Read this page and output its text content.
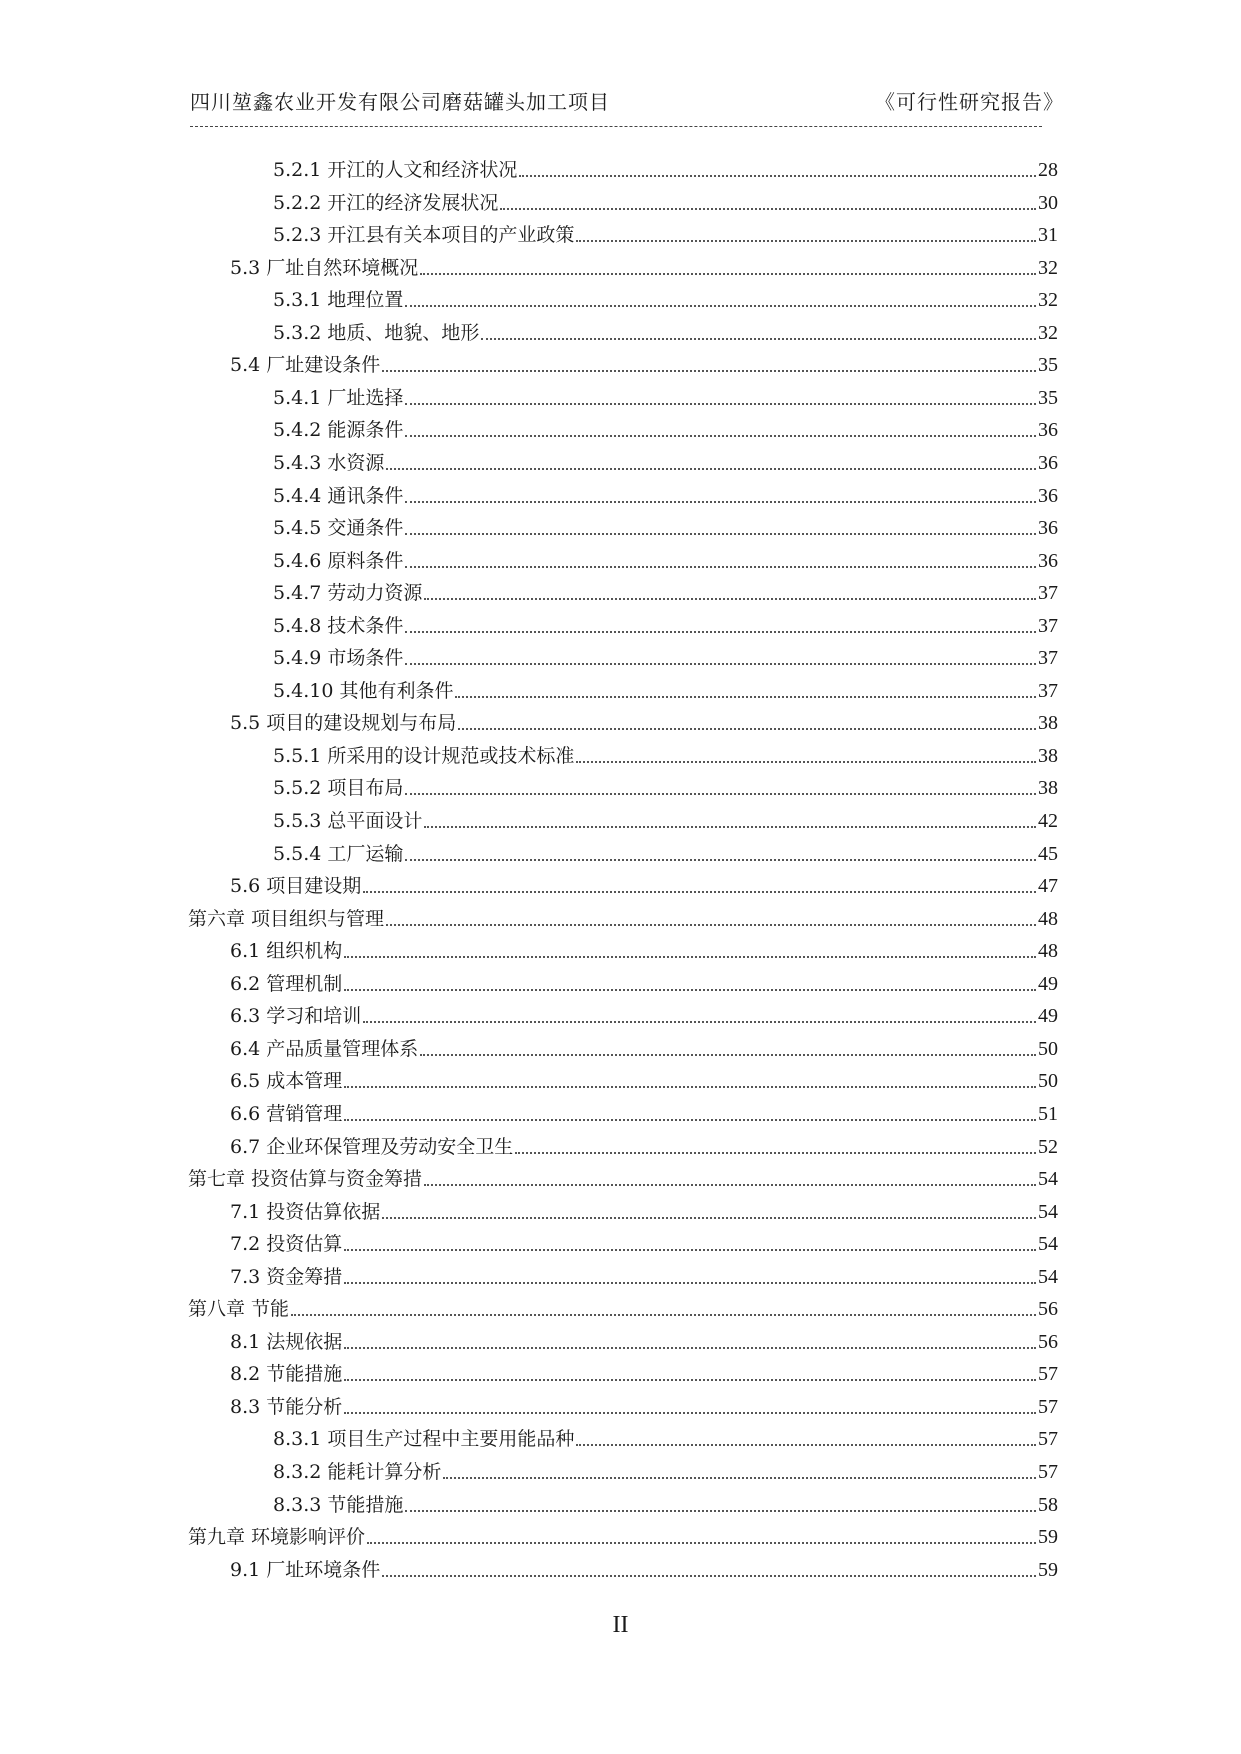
四川堃鑫农业开发有限公司磨菇罐头加工项目	《可行性研究报告》
5.2.1 开江的人文和经济状况	28
5.2.2 开江的经济发展状况	30
5.2.3 开江县有关本项目的产业政策	31
5.3 厂址自然环境概况	32
5.3.1 地理位置	32
5.3.2 地质、地貌、地形	32
5.4 厂址建设条件	35
5.4.1 厂址选择	35
5.4.2 能源条件	36
5.4.3 水资源	36
5.4.4 通讯条件	36
5.4.5 交通条件	36
5.4.6 原料条件	36
5.4.7 劳动力资源	37
5.4.8 技术条件	37
5.4.9 市场条件	37
5.4.10 其他有利条件	37
5.5 项目的建设规划与布局	38
5.5.1 所采用的设计规范或技术标准	38
5.5.2 项目布局	38
5.5.3 总平面设计	42
5.5.4 工厂运输	45
5.6 项目建设期	47
第六章 项目组织与管理	48
6.1 组织机构	48
6.2 管理机制	49
6.3 学习和培训	49
6.4 产品质量管理体系	50
6.5 成本管理	50
6.6 营销管理	51
6.7 企业环保管理及劳动安全卫生	52
第七章 投资估算与资金筹措	54
7.1 投资估算依据	54
7.2 投资估算	54
7.3 资金筹措	54
第八章 节能	56
8.1 法规依据	56
8.2 节能措施	57
8.3 节能分析	57
8.3.1 项目生产过程中主要用能品种	57
8.3.2 能耗计算分析	57
8.3.3 节能措施	58
第九章 环境影响评价	59
9.1 厂址环境条件	59
II
